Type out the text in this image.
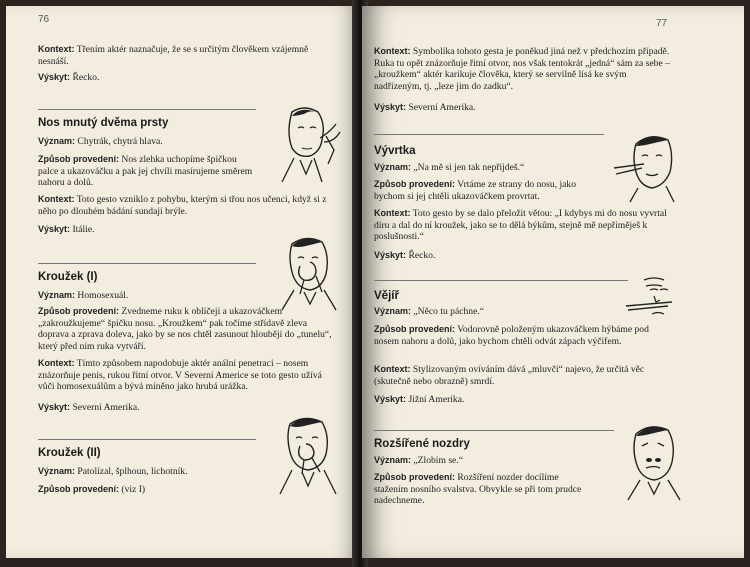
76
Kontext: Třením aktér naznačuje, že se s určitým člověkem vzájemně nesnáší.
Výskyt: Řecko.
Nos mnutý dvěma prsty
Význam: Chytrák, chytrá hlava.
Způsob provedení: Nos zlehka uchopíme špičkou palce a ukazováčku a pak jej chvíli masírujeme směrem nahoru a dolů.
Kontext: Toto gesto vzniklo z pohybu, kterým si třou nos učenci, když si z něho po dlouhém bádání sundají brýle.
Výskyt: Itálie.
Kroužek (I)
Význam: Homosexuál.
Způsob provedení: Zvedneme ruku k obličeji a ukazováčkem „zakroužkujeme“ špičku nosu. „Kroužkem“ pak točíme střídavě zleva doprava a zprava doleva, jako by se nos chtěl zasunout hlouběji do „tunelu“, který před ním ruka vytváří.
Kontext: Tímto způsobem napodobuje aktér anální penetraci – nosem znázorňuje penis, rukou řitní otvor. V Severní Americe se toto gesto užívá vůči homosexuálům a bývá míněno jako hrubá urážka.
Výskyt: Severní Amerika.
Kroužek (II)
Význam: Patolízal, šplhoun, lichotník.
Způsob provedení: (viz I)
77
Kontext: Symbolika tohoto gesta je poněkud jiná než v předchozím případě. Ruka tu opět znázorňuje řitní otvor, nos však tentokrát „jedná“ sám za sebe – „kroužkem“ aktér karikuje člověka, který se servilně lísá ke svým nadřízeným, tj. „leze jim do zadku“.
Výskyt: Severní Amerika.
Vývrtka
Význam: „Na mě si jen tak nepřijdeš.“
Způsob provedení: Vrtáme ze strany do nosu, jako bychom si jej chtěli ukazováčkem provrtat.
Kontext: Toto gesto by se dalo přeložit větou: „I kdybys mi do nosu vyvrtal díru a dal do ní kroužek, jako se to dělá býkům, stejně mě nepřiměješ k poslušnosti.“
Výskyt: Řecko.
Vějíř
Význam: „Něco tu páchne.“
Způsob provedení: Vodorovně položeným ukazováčkem hýbáme pod nosem nahoru a dolů, jako bychom chtěli odvát zápach výčifem.
Kontext: Stylizovaným ovíváním dává „mluvčí“ najevo, že určitá věc (skutečně nebo obrazně) smrdí.
Výskyt: Jižní Amerika.
Rozšířené nozdry
Význam: „Zlobím se.“
Způsob provedení: Rozšíření nozder docílíme stažením nosního svalstva. Obvykle se při tom prudce nadechneme.
